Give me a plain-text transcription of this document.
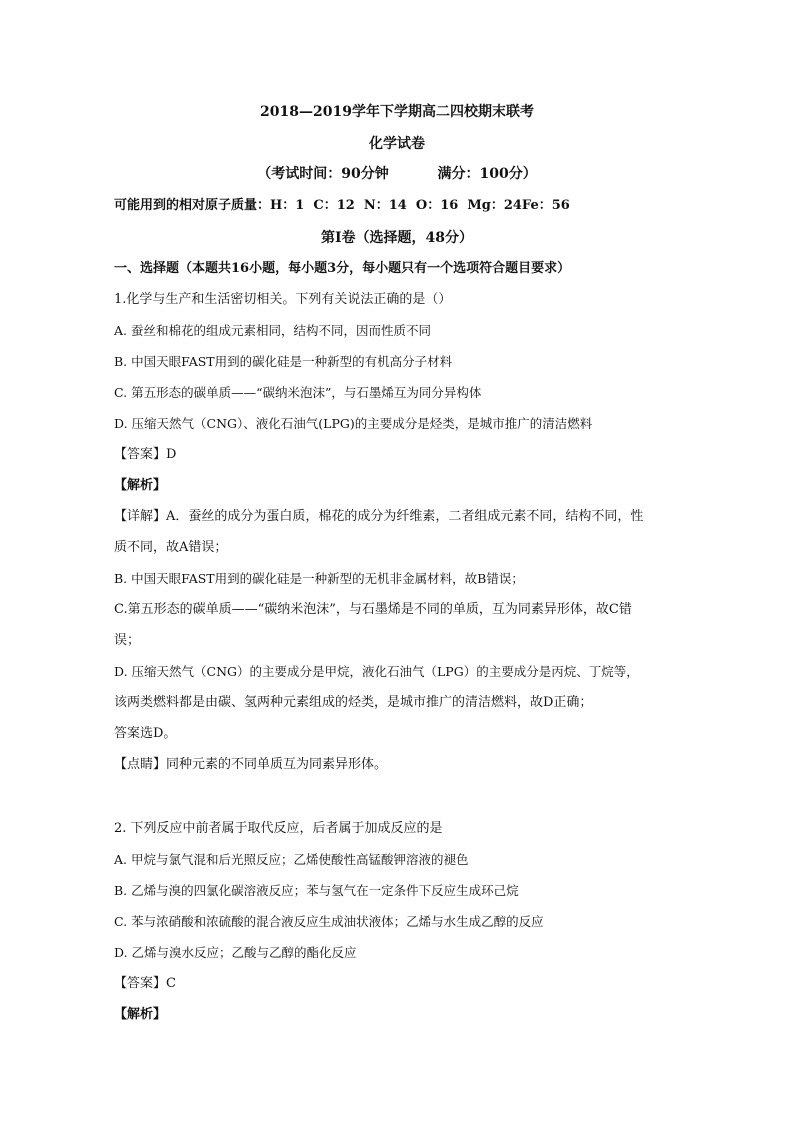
2018—2019学年下学期高二四校期末联考
化学试卷
（考试时间：90分钟          满分：100分）
可能用到的相对原子质量：H：1  C：12  N：14  O：16  Mg：24Fe：56
第Ⅰ卷（选择题，48分）
一、选择题（本题共16小题，每小题3分，每小题只有一个选项符合题目要求）
1.化学与生产和生活密切相关。下列有关说法正确的是（）
A. 蚕丝和棉花的组成元素相同，结构不同，因而性质不同
B. 中国天眼FAST用到的碳化硅是一种新型的有机高分子材料
C. 第五形态的碳单质——“碳纳米泡沫”，与石墨烯互为同分异构体
D. 压缩天然气（CNG）、液化石油气(LPG)的主要成分是烃类，是城市推广的清洁燃料
【答案】D
【解析】
【详解】A．蚕丝的成分为蛋白质，棉花的成分为纤维素，二者组成元素不同，结构不同，性
质不同，故A错误；
B. 中国天眼FAST用到的碳化硅是一种新型的无机非金属材料，故B错误；
C.第五形态的碳单质——“碳纳米泡沫”，与石墨烯是不同的单质，互为同素异形体，故C错
误；
D. 压缩天然气（CNG）的主要成分是甲烷，液化石油气（LPG）的主要成分是丙烷、丁烷等，
该两类燃料都是由碳、氢两种元素组成的烃类，是城市推广的清洁燃料，故D正确；
答案选D。
【点睛】同种元素的不同单质互为同素异形体。
2. 下列反应中前者属于取代反应，后者属于加成反应的是
A. 甲烷与氯气混和后光照反应；乙烯使酸性高锰酸钾溶液的褪色
B. 乙烯与溴的四氯化碳溶液反应；苯与氢气在一定条件下反应生成环己烷
C. 苯与浓硝酸和浓硫酸的混合液反应生成油状液体；乙烯与水生成乙醇的反应
D. 乙烯与溴水反应；乙酸与乙醇的酯化反应
【答案】C
【解析】
